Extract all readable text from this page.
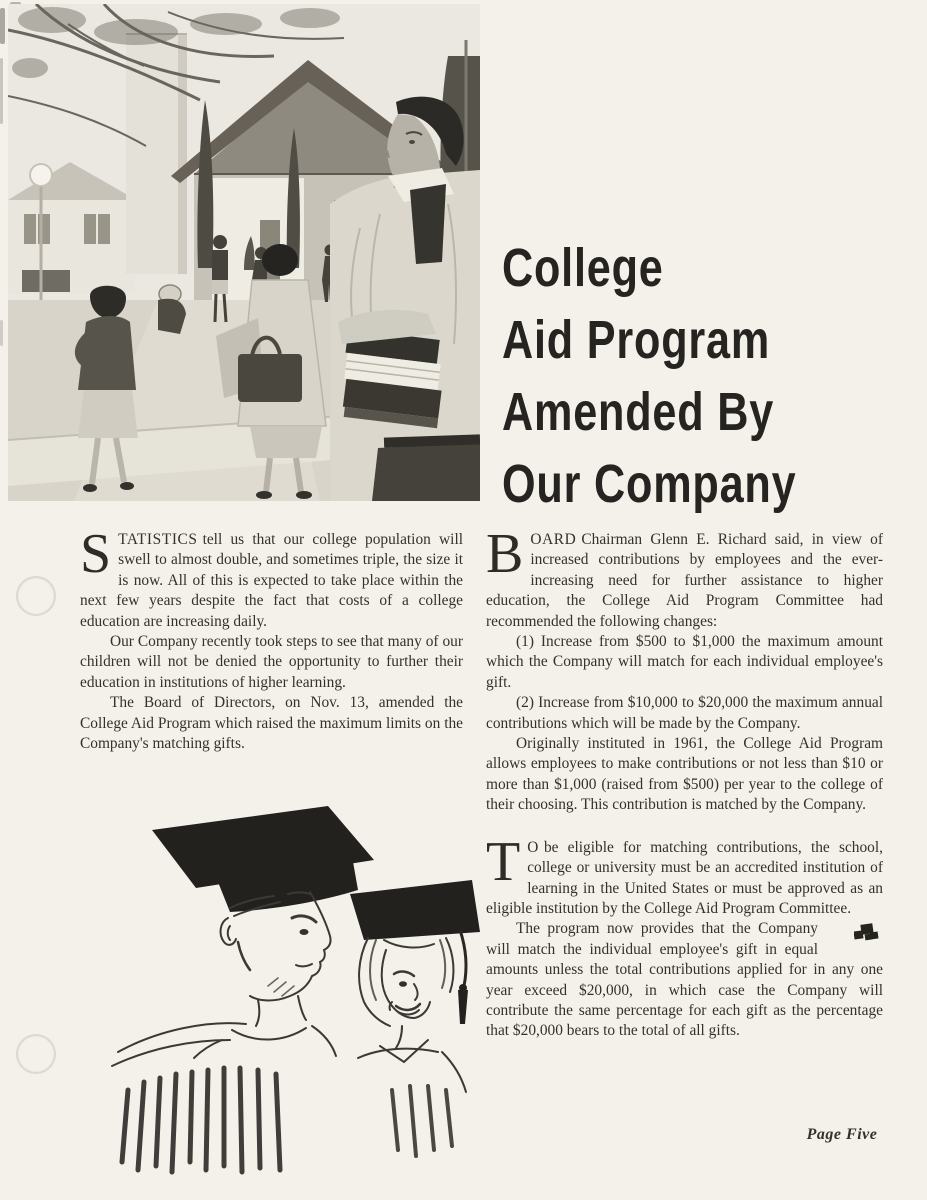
College
Aid Program
Amended By
Our Company

STATISTICS tell us that our college population will swell to almost double, and sometimes triple, the size it is now. All of this is expected to take place within the next few years despite the fact that costs of a college education are increasing daily.

Our Company recently took steps to see that many of our children will not be denied the opportunity to further their education in institutions of higher learning.

The Board of Directors, on Nov. 13, amended the College Aid Program which raised the maximum limits on the Company's matching gifts.

BOARD Chairman Glenn E. Richard said, in view of increased contributions by employees and the ever-increasing need for further assistance to higher education, the College Aid Program Committee had recommended the following changes:

(1) Increase from $500 to $1,000 the maximum amount which the Company will match for each individual employee's gift.

(2) Increase from $10,000 to $20,000 the maximum annual contributions which will be made by the Company.

Originally instituted in 1961, the College Aid Program allows employees to make contributions or not less than $10 or more than $1,000 (raised from $500) per year to the college of their choosing. This contribution is matched by the Company.

T O be eligible for matching contributions, the school, college or university must be an accredited institution of learning in the United States or must be approved as an eligible institution by the College Aid Program Committee.

The program now provides that the Company will match the individual employee's gift in equal amounts unless the total contributions applied for in any one year exceed $20,000, in which case the Company will contribute the same percentage for each gift as the percentage that $20,000 bears to the total of all gifts.

Page Five
